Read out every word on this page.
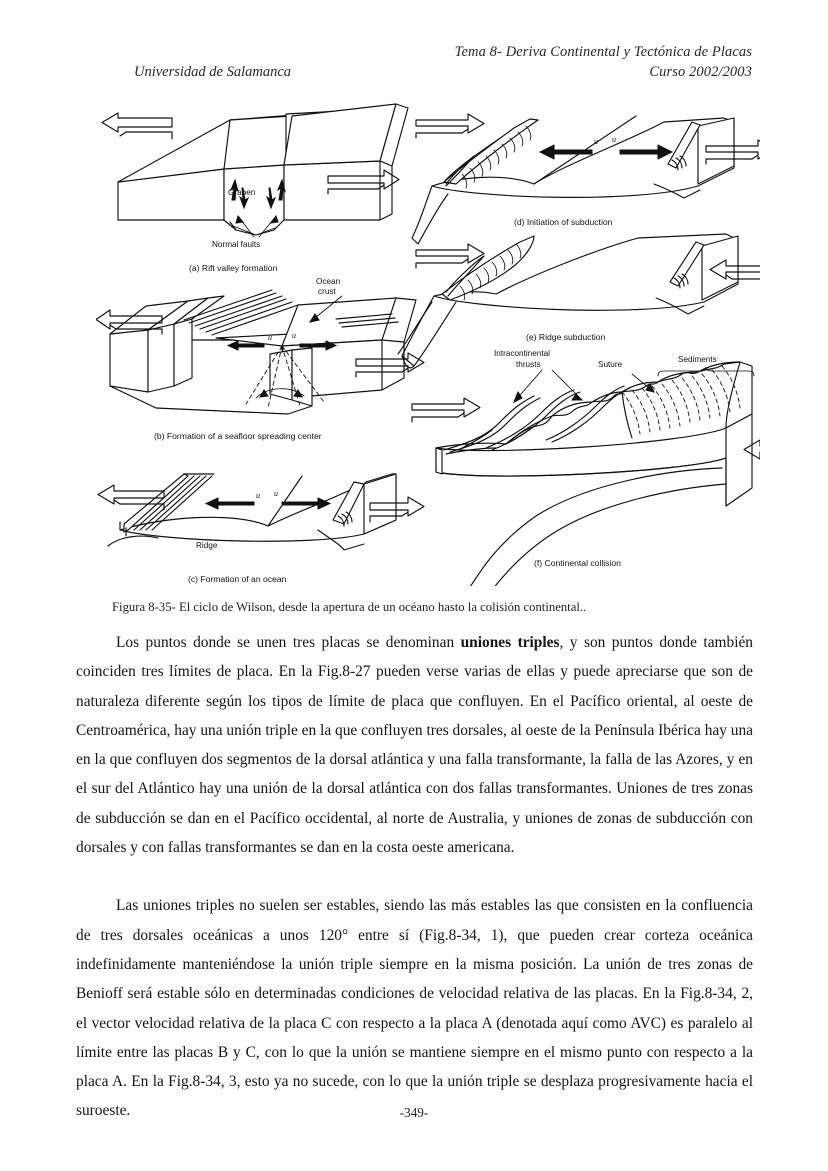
Tema 8- Deriva Continental y Tectónica de Placas
Curso 2002/2003
Universidad de Salamanca
Graben
Normal faults
(a) Rift valley formation
u	u
Ocean
crust
(b) Formation of a seafloor spreading center
u u
Ridge
(c) Formation of an ocean
u u
(d) Initiation of subduction
(e) Ridge subduction
Intracontinental
thrusts	Suture
Sediments
(f) Continental collision
Figura 8-35- El ciclo de Wilson, desde la apertura de un océano hasto la colisión continental..

Los puntos donde se unen tres placas se denominan uniones triples, y son puntos donde también coinciden tres límites de placa. En la Fig.8-27 pueden verse varias de ellas y puede apreciarse que son de naturaleza diferente según los tipos de límite de placa que confluyen. En el Pacífico oriental, al oeste de Centroamérica, hay una unión triple en la que confluyen tres dorsales, al oeste de la Península Ibérica hay una en la que confluyen dos segmentos de la dorsal atlántica y una falla transformante, la falla de las Azores, y en el sur del Atlántico hay una unión de la dorsal atlántica con dos fallas transformantes. Uniones de tres zonas de subducción se dan en el Pacífico occidental, al norte de Australia, y uniones de zonas de subducción con dorsales y con fallas transformantes se dan en la costa oeste americana.

Las uniones triples no suelen ser estables, siendo las más estables las que consisten en la confluencia de tres dorsales oceánicas a unos 120° entre sí (Fig.8-34, 1), que pueden crear corteza oceánica indefinidamente manteniéndose la unión triple siempre en la misma posición. La unión de tres zonas de Benioff será estable sólo en determinadas condiciones de velocidad relativa de las placas. En la Fig.8-34, 2, el vector velocidad relativa de la placa C con respecto a la placa A (denotada aquí como AVC) es paralelo al límite entre las placas B y C, con lo que la unión se mantiene siempre en el mismo punto con respecto a la placa A. En la Fig.8-34, 3, esto ya no sucede, con lo que la unión triple se desplaza progresivamente hacia el suroeste.	-349-
